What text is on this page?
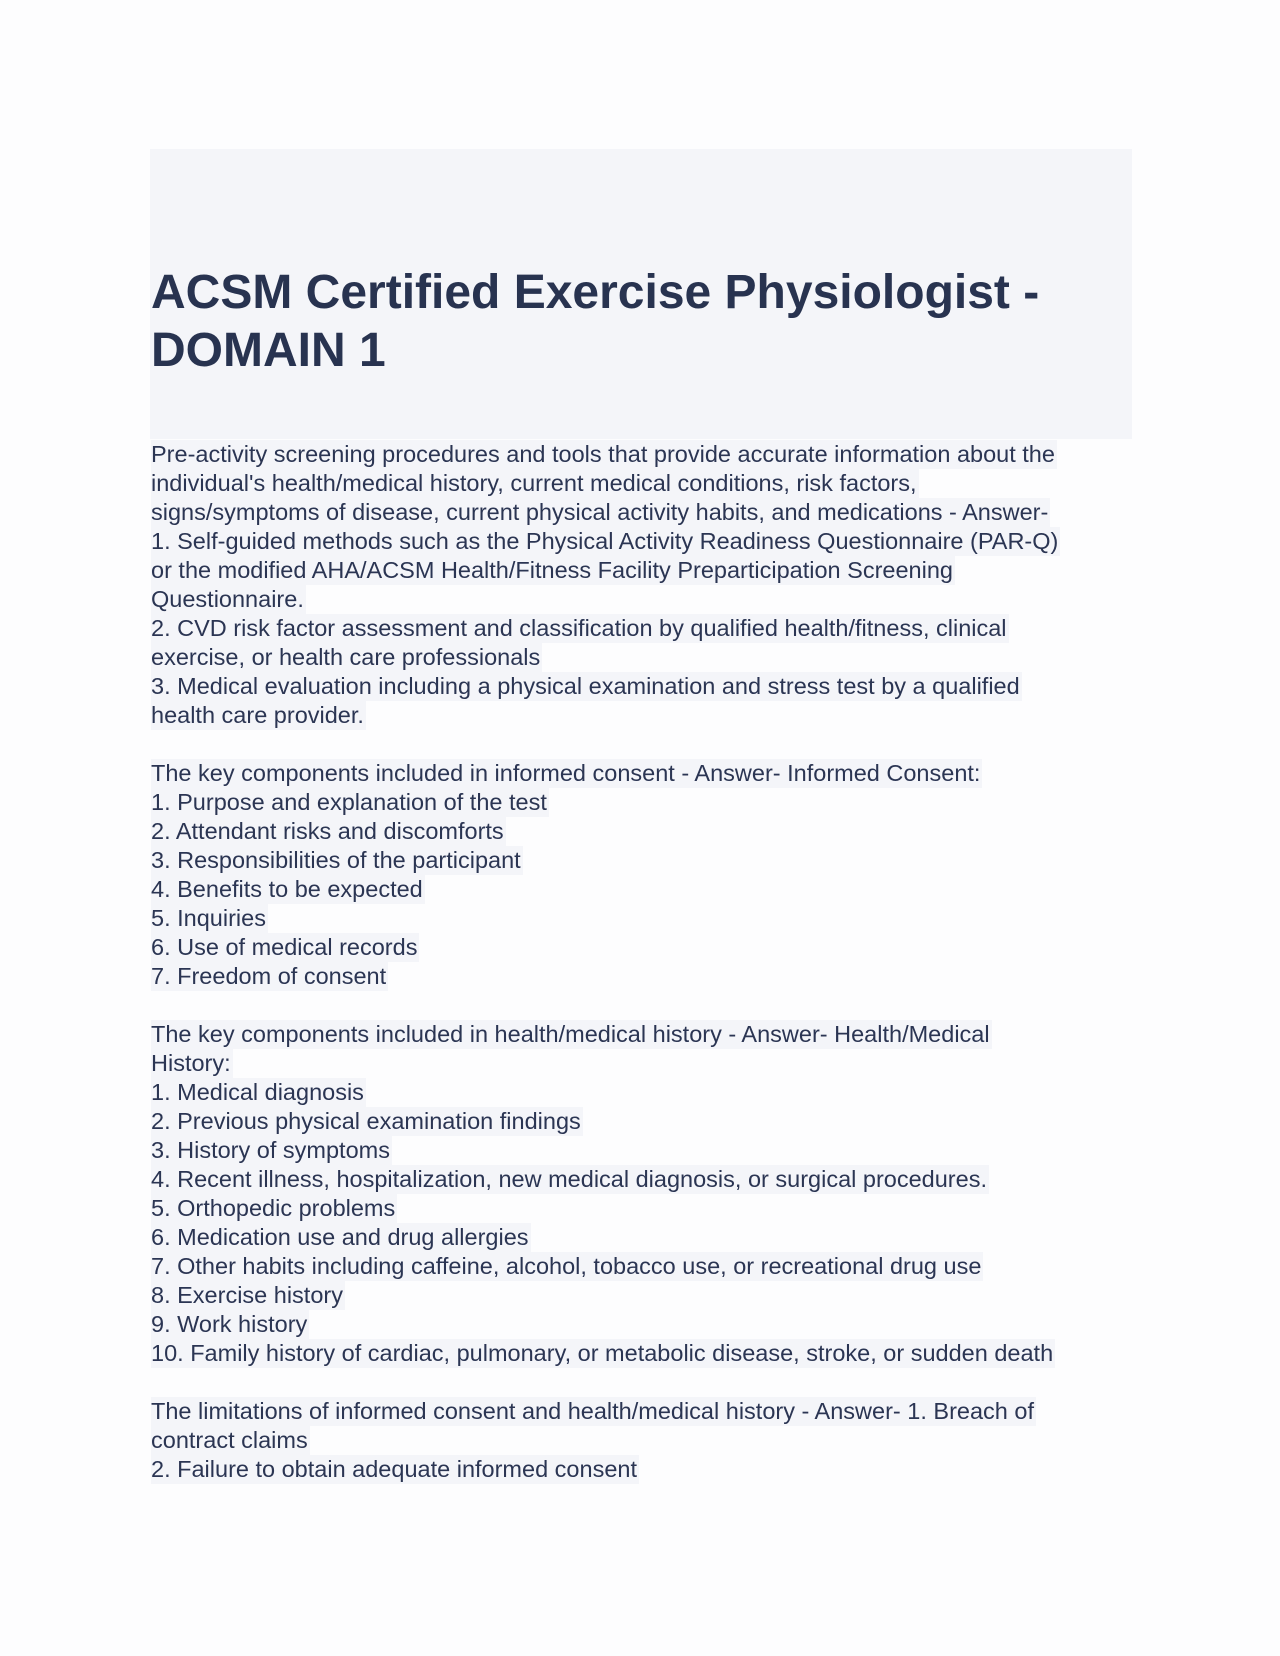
ACSM Certified Exercise Physiologist -
DOMAIN 1
Pre-activity screening procedures and tools that provide accurate information about the
individual's health/medical history, current medical conditions, risk factors,
signs/symptoms of disease, current physical activity habits, and medications - Answer-
1. Self-guided methods such as the Physical Activity Readiness Questionnaire (PAR-Q)
or the modified AHA/ACSM Health/Fitness Facility Preparticipation Screening
Questionnaire.
2. CVD risk factor assessment and classification by qualified health/fitness, clinical
exercise, or health care professionals
3. Medical evaluation including a physical examination and stress test by a qualified
health care provider.
The key components included in informed consent - Answer- Informed Consent:
1. Purpose and explanation of the test
2. Attendant risks and discomforts
3. Responsibilities of the participant
4. Benefits to be expected
5. Inquiries
6. Use of medical records
7. Freedom of consent
The key components included in health/medical history - Answer- Health/Medical
History:
1. Medical diagnosis
2. Previous physical examination findings
3. History of symptoms
4. Recent illness, hospitalization, new medical diagnosis, or surgical procedures.
5. Orthopedic problems
6. Medication use and drug allergies
7. Other habits including caffeine, alcohol, tobacco use, or recreational drug use
8. Exercise history
9. Work history
10. Family history of cardiac, pulmonary, or metabolic disease, stroke, or sudden death
The limitations of informed consent and health/medical history - Answer- 1. Breach of
contract claims
2. Failure to obtain adequate informed consent
